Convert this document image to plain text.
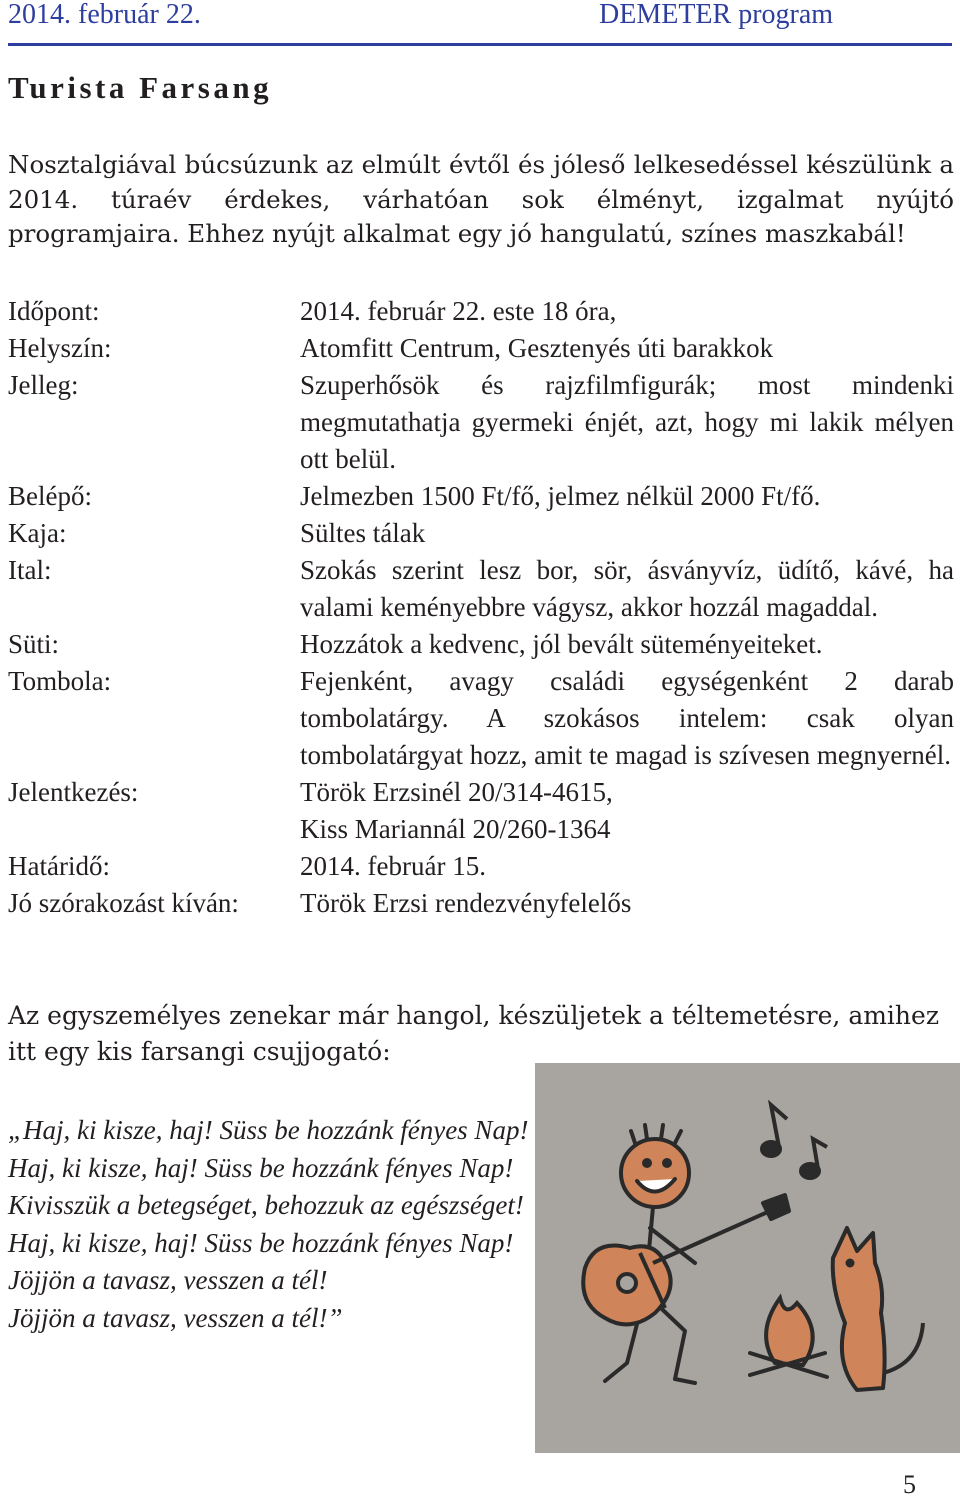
2014. február 22.	DEMETER program
Turista Farsang

Nosztalgiával búcsúzunk az elmúlt évtől és jóleső lelkesedéssel készülünk a 2014. túraév érdekes, várhatóan sok élményt, izgalmat nyújtó programjaira. Ehhez nyújt alkalmat egy jó hangulatú, színes maszkabál!

Időpont:	2014. február 22. este 18 óra,
Helyszín:	Atomfitt Centrum, Gesztenyés úti barakkok
Jelleg:	Szuperhősök és rajzfilmfigurák; most mindenki megmutathatja gyermeki énjét, azt, hogy mi lakik mélyen ott belül.
Belépő:	Jelmezben 1500 Ft/fő, jelmez nélkül 2000 Ft/fő.
Kaja:	Sültes tálak
Ital:	Szokás szerint lesz bor, sör, ásványvíz, üdítő, kávé, ha valami keményebbre vágysz, akkor hozzál magaddal.
Süti:	Hozzátok a kedvenc, jól bevált süteményeiteket.
Tombola:	Fejenként, avagy családi egységenként 2 darab tombolatárgy. A szokásos intelem: csak olyan tombolatárgyat hozz, amit te magad is szívesen megnyernél.
Jelentkezés:	Török Erzsinél 20/314-4615,
Kiss Mariannál 20/260-1364
Határidő:	2014. február 15.
Jó szórakozást kíván:	Török Erzsi rendezvényfelelős

Az egyszemélyes zenekar már hangol, készüljetek a téltemetésre, amihez itt egy kis farsangi csujjogató:

„Haj, ki kisze, haj! Süss be hozzánk fényes Nap!
Haj, ki kisze, haj! Süss be hozzánk fényes Nap!
Kivisszük a betegséget, behozzuk az egészséget!
Haj, ki kisze, haj! Süss be hozzánk fényes Nap!
Jöjjön a tavasz, vesszen a tél!
Jöjjön a tavasz, vesszen a tél!”
5
